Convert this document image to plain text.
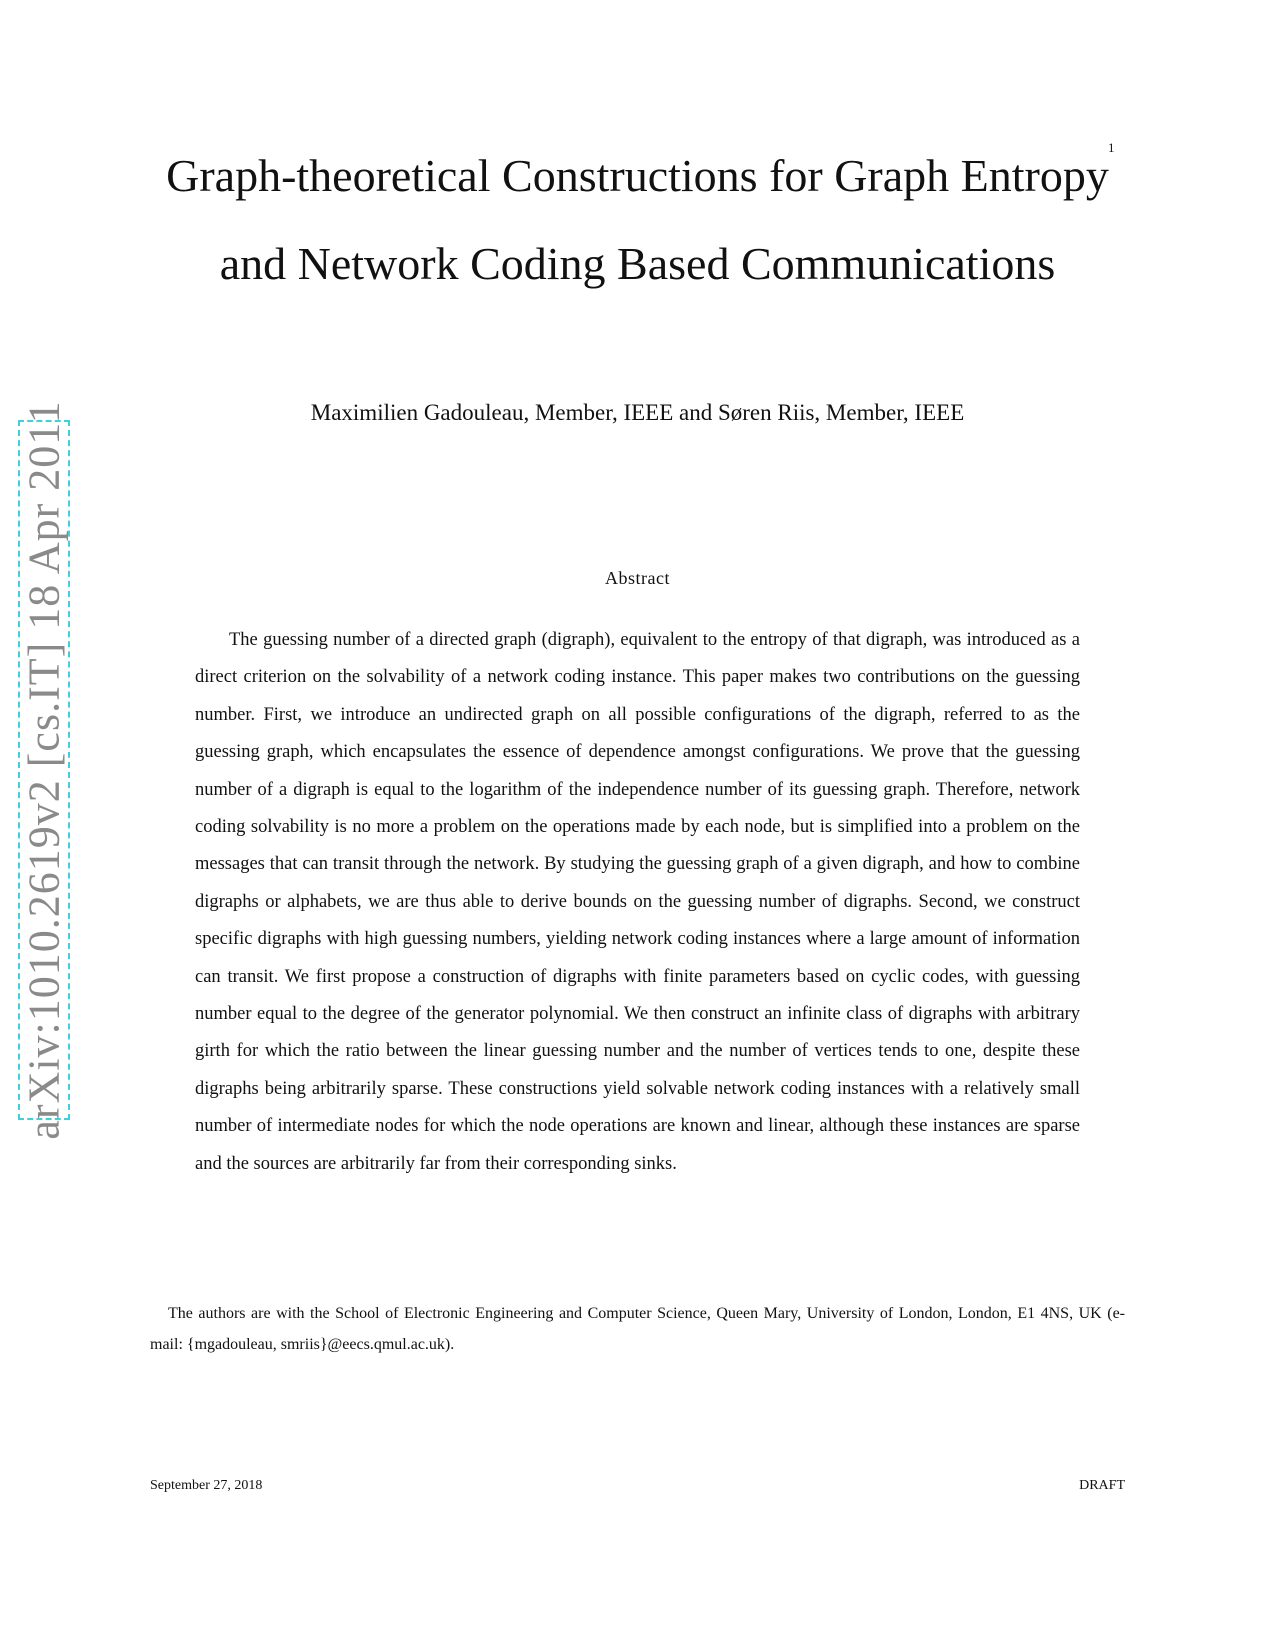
1
arXiv:1010.2619v2 [cs.IT] 18 Apr 2011
Graph-theoretical Constructions for Graph Entropy and Network Coding Based Communications
Maximilien Gadouleau, Member, IEEE and Søren Riis, Member, IEEE
Abstract

The guessing number of a directed graph (digraph), equivalent to the entropy of that digraph, was introduced as a direct criterion on the solvability of a network coding instance. This paper makes two contributions on the guessing number. First, we introduce an undirected graph on all possible configurations of the digraph, referred to as the guessing graph, which encapsulates the essence of dependence amongst configurations. We prove that the guessing number of a digraph is equal to the logarithm of the independence number of its guessing graph. Therefore, network coding solvability is no more a problem on the operations made by each node, but is simplified into a problem on the messages that can transit through the network. By studying the guessing graph of a given digraph, and how to combine digraphs or alphabets, we are thus able to derive bounds on the guessing number of digraphs. Second, we construct specific digraphs with high guessing numbers, yielding network coding instances where a large amount of information can transit. We first propose a construction of digraphs with finite parameters based on cyclic codes, with guessing number equal to the degree of the generator polynomial. We then construct an infinite class of digraphs with arbitrary girth for which the ratio between the linear guessing number and the number of vertices tends to one, despite these digraphs being arbitrarily sparse. These constructions yield solvable network coding instances with a relatively small number of intermediate nodes for which the node operations are known and linear, although these instances are sparse and the sources are arbitrarily far from their corresponding sinks.

The authors are with the School of Electronic Engineering and Computer Science, Queen Mary, University of London, London, E1 4NS, UK (e-mail: {mgadouleau, smriis}@eecs.qmul.ac.uk).

September 27, 2018	DRAFT
